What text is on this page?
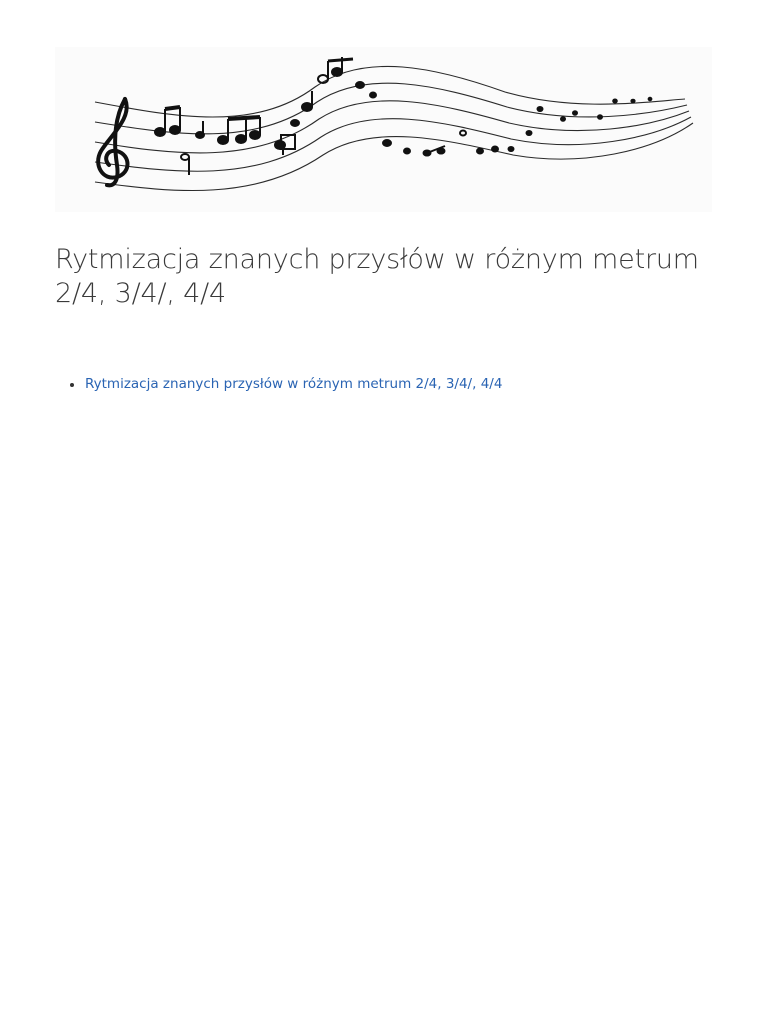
Rytmizacja znanych przysłów w różnym metrum 2/4, 3/4/, 4/4
Rytmizacja znanych przysłów w różnym metrum 2/4, 3/4/, 4/4
